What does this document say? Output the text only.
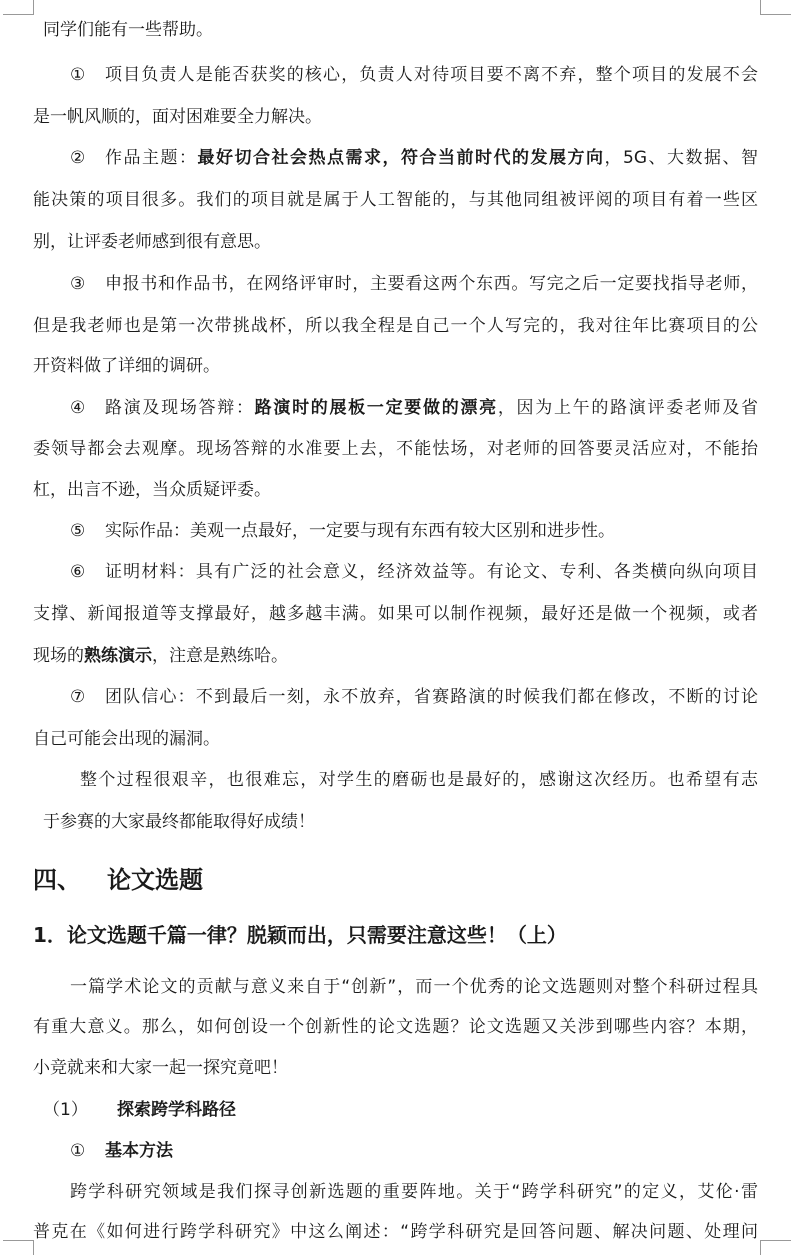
同学们能有一些帮助。
① 项目负责人是能否获奖的核心，负责人对待项目要不离不弃，整个项目的发展不会
是一帆风顺的，面对困难要全力解决。
② 作品主题：最好切合社会热点需求，符合当前时代的发展方向，5G、大数据、智
能决策的项目很多。我们的项目就是属于人工智能的，与其他同组被评阅的项目有着一些区
别，让评委老师感到很有意思。
③ 申报书和作品书，在网络评审时，主要看这两个东西。写完之后一定要找指导老师，
但是我老师也是第一次带挑战杯，所以我全程是自己一个人写完的，我对往年比赛项目的公
开资料做了详细的调研。
④ 路演及现场答辩：路演时的展板一定要做的漂亮，因为上午的路演评委老师及省
委领导都会去观摩。现场答辩的水准要上去，不能怯场，对老师的回答要灵活应对，不能抬
杠，出言不逊，当众质疑评委。
⑤ 实际作品：美观一点最好，一定要与现有东西有较大区别和进步性。
⑥ 证明材料：具有广泛的社会意义，经济效益等。有论文、专利、各类横向纵向项目
支撑、新闻报道等支撑最好，越多越丰满。如果可以制作视频，最好还是做一个视频，或者
现场的熟练演示，注意是熟练哈。
⑦ 团队信心：不到最后一刻，永不放弃，省赛路演的时候我们都在修改，不断的讨论
自己可能会出现的漏洞。
整个过程很艰辛，也很难忘，对学生的磨砺也是最好的，感谢这次经历。也希望有志
于参赛的大家最终都能取得好成绩！
四、 论文选题
1．论文选题千篇一律？脱颖而出，只需要注意这些！（上）
一篇学术论文的贡献与意义来自于“创新”，而一个优秀的论文选题则对整个科研过程具
有重大意义。那么，如何创设一个创新性的论文选题？论文选题又关涉到哪些内容？本期，
小竞就来和大家一起一探究竟吧！
（1） 探索跨学科路径
① 基本方法
跨学科研究领域是我们探寻创新选题的重要阵地。关于“跨学科研究”的定义，艾伦·雷
普克在《如何进行跨学科研究》中这么阐述：“跨学科研究是回答问题、解决问题、处理问
